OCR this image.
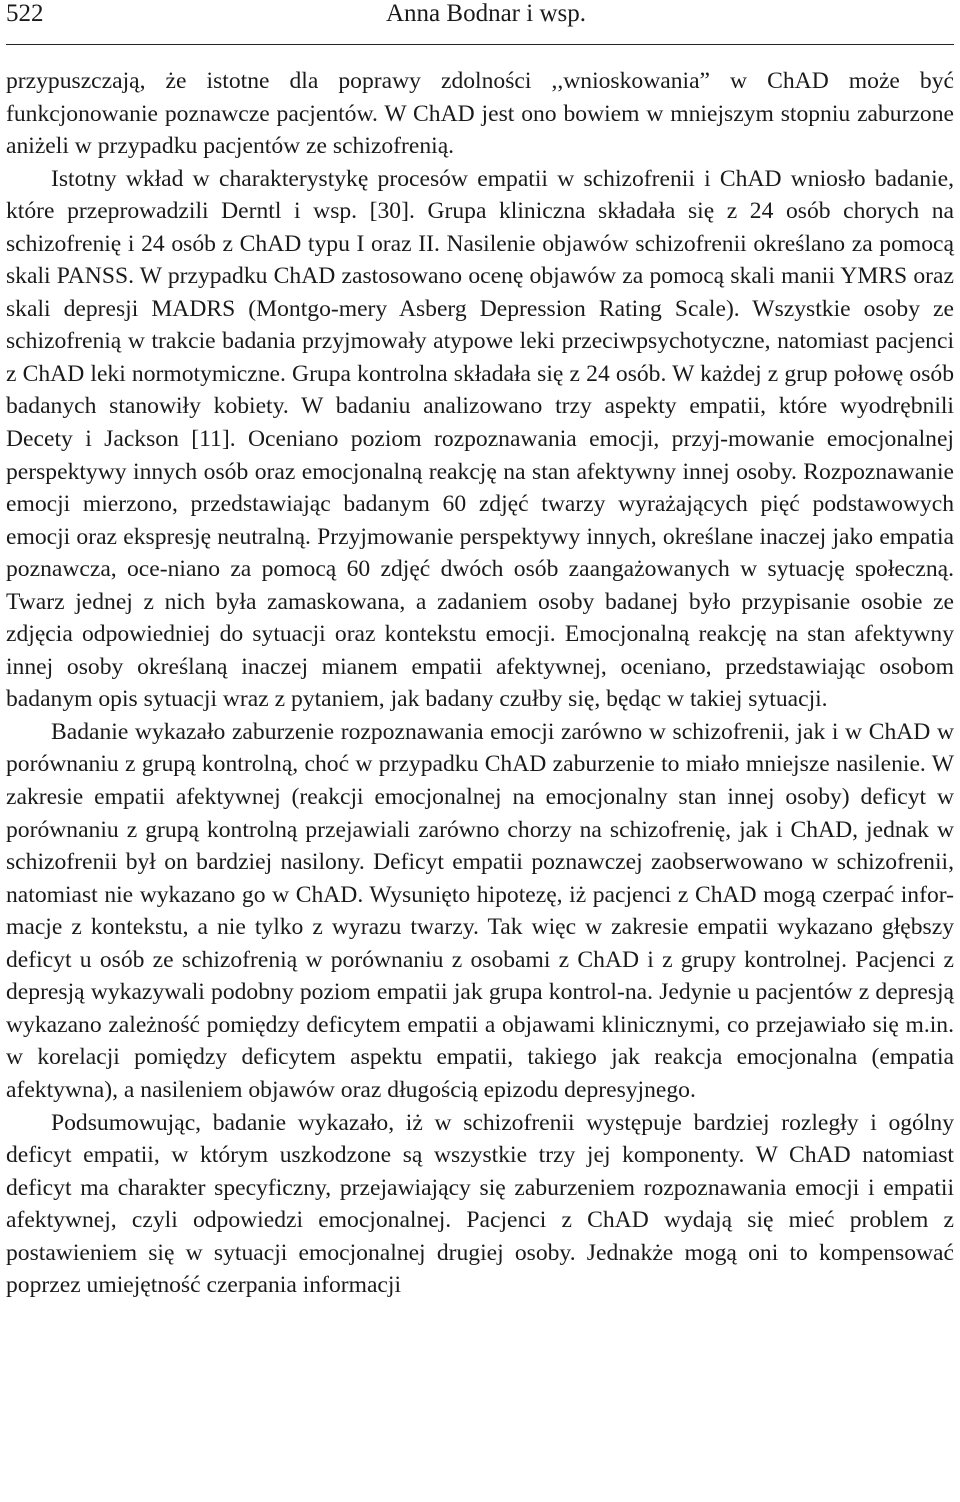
522	Anna Bodnar i wsp.

przypuszczają, że istotne dla poprawy zdolności ,,wnioskowania” w ChAD może być funkcjonowanie poznawcze pacjentów. W ChAD jest ono bowiem w mniejszym stopniu zaburzone aniżeli w przypadku pacjentów ze schizofrenią.

Istotny wkład w charakterystykę procesów empatii w schizofrenii i ChAD wniosło badanie, które przeprowadzili Derntl i wsp. [30]. Grupa kliniczna składała się z 24 osób chorych na schizofrenię i 24 osób z ChAD typu I oraz II. Nasilenie objawów schizofrenii określano za pomocą skali PANSS. W przypadku ChAD zastosowano ocenę objawów za pomocą skali manii YMRS oraz skali depresji MADRS (Montgo-mery Asberg Depression Rating Scale). Wszystkie osoby ze schizofrenią w trakcie badania przyjmowały atypowe leki przeciwpsychotyczne, natomiast pacjenci z ChAD leki normotymiczne. Grupa kontrolna składała się z 24 osób. W każdej z grup połowę osób badanych stanowiły kobiety. W badaniu analizowano trzy aspekty empatii, które wyodrębnili Decety i Jackson [11]. Oceniano poziom rozpoznawania emocji, przyj-mowanie emocjonalnej perspektywy innych osób oraz emocjonalną reakcję na stan afektywny innej osoby. Rozpoznawanie emocji mierzono, przedstawiając badanym 60 zdjęć twarzy wyrażających pięć podstawowych emocji oraz ekspresję neutralną. Przyjmowanie perspektywy innych, określane inaczej jako empatia poznawcza, oce-niano za pomocą 60 zdjęć dwóch osób zaangażowanych w sytuację społeczną. Twarz jednej z nich była zamaskowana, a zadaniem osoby badanej było przypisanie osobie ze zdjęcia odpowiedniej do sytuacji oraz kontekstu emocji. Emocjonalną reakcję na stan afektywny innej osoby określaną inaczej mianem empatii afektywnej, oceniano, przedstawiając osobom badanym opis sytuacji wraz z pytaniem, jak badany czułby się, będąc w takiej sytuacji.

Badanie wykazało zaburzenie rozpoznawania emocji zarówno w schizofrenii, jak i w ChAD w porównaniu z grupą kontrolną, choć w przypadku ChAD zaburzenie to miało mniejsze nasilenie. W zakresie empatii afektywnej (reakcji emocjonalnej na emocjonalny stan innej osoby) deficyt w porównaniu z grupą kontrolną przejawiali zarówno chorzy na schizofrenię, jak i ChAD, jednak w schizofrenii był on bardziej nasilony. Deficyt empatii poznawczej zaobserwowano w schizofrenii, natomiast nie wykazano go w ChAD. Wysunięto hipotezę, iż pacjenci z ChAD mogą czerpać infor-macje z kontekstu, a nie tylko z wyrazu twarzy. Tak więc w zakresie empatii wykazano głębszy deficyt u osób ze schizofrenią w porównaniu z osobami z ChAD i z grupy kontrolnej. Pacjenci z depresją wykazywali podobny poziom empatii jak grupa kontrol-na. Jedynie u pacjentów z depresją wykazano zależność pomiędzy deficytem empatii a objawami klinicznymi, co przejawiało się m.in. w korelacji pomiędzy deficytem aspektu empatii, takiego jak reakcja emocjonalna (empatia afektywna), a nasileniem objawów oraz długością epizodu depresyjnego.

Podsumowując, badanie wykazało, iż w schizofrenii występuje bardziej rozległy i ogólny deficyt empatii, w którym uszkodzone są wszystkie trzy jej komponenty. W ChAD natomiast deficyt ma charakter specyficzny, przejawiający się zaburzeniem rozpoznawania emocji i empatii afektywnej, czyli odpowiedzi emocjonalnej. Pacjenci z ChAD wydają się mieć problem z postawieniem się w sytuacji emocjonalnej drugiej osoby. Jednakże mogą oni to kompensować poprzez umiejętność czerpania informacji
